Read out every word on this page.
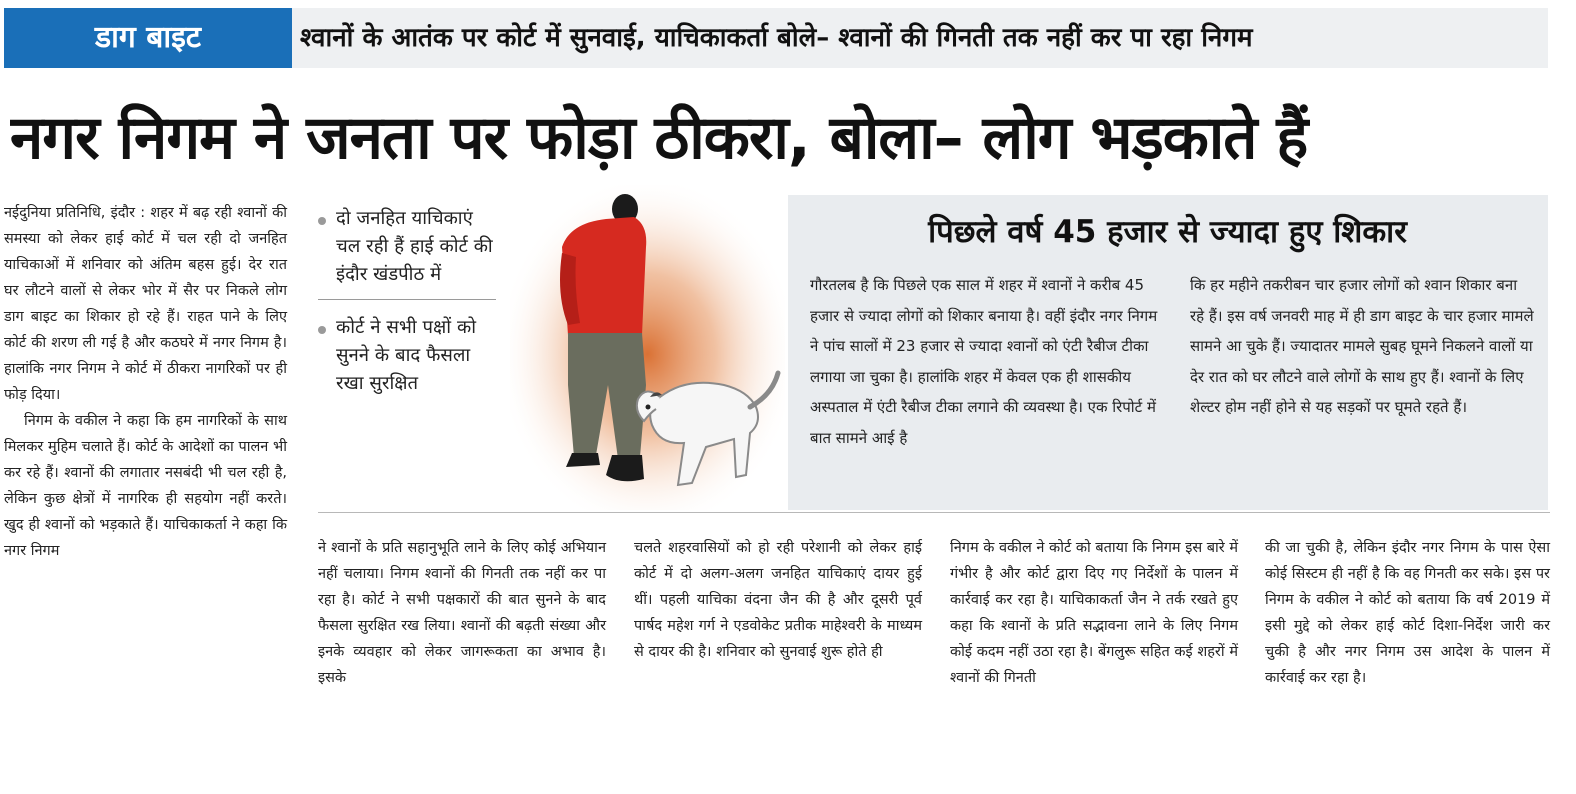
डाग बाइट	श्वानों के आतंक पर कोर्ट में सुनवाई, याचिकाकर्ता बोले– श्वानों की गिनती तक नहीं कर पा रहा निगम
नगर निगम ने जनता पर फोड़ा ठीकरा, बोला– लोग भड़काते हैं

नईदुनिया प्रतिनिधि, इंदौर : शहर में बढ़ रही श्वानों की समस्या को लेकर हाई कोर्ट में चल रही दो जनहित याचिकाओं में शनिवार को अंतिम बहस हुई। देर रात घर लौटने वालों से लेकर भोर में सैर पर निकले लोग डाग बाइट का शिकार हो रहे हैं। राहत पाने के लिए कोर्ट की शरण ली गई है और कठघरे में नगर निगम है। हालांकि नगर निगम ने कोर्ट में ठीकरा नागरिकों पर ही फोड़ दिया।

निगम के वकील ने कहा कि हम नागरिकों के साथ मिलकर मुहिम चलाते हैं। कोर्ट के आदेशों का पालन भी कर रहे हैं। श्वानों की लगातार नसबंदी भी चल रही है, लेकिन कुछ क्षेत्रों में नागरिक ही सहयोग नहीं करते। खुद ही श्वानों को भड़काते हैं। याचिकाकर्ता ने कहा कि नगर निगम

दो जनहित याचिकाएं चल रही हैं हाई कोर्ट की इंदौर खंडपीठ में
कोर्ट ने सभी पक्षों को सुनने के बाद फैसला रखा सुरक्षित
पिछले वर्ष 45 हजार से ज्यादा हुए शिकार
गौरतलब है कि पिछले एक साल में शहर में श्वानों ने करीब 45 हजार से ज्यादा लोगों को शिकार बनाया है। वहीं इंदौर नगर निगम ने पांच सालों में 23 हजार से ज्यादा श्वानों को एंटी रैबीज टीका लगाया जा चुका है। हालांकि शहर में केवल एक ही शासकीय अस्पताल में एंटी रैबीज टीका लगाने की व्यवस्था है। एक रिपोर्ट में बात सामने आई है
कि हर महीने तकरीबन चार हजार लोगों को श्वान शिकार बना रहे हैं। इस वर्ष जनवरी माह में ही डाग बाइट के चार हजार मामले सामने आ चुके हैं। ज्यादातर मामले सुबह घूमने निकलने वालों या देर रात को घर लौटने वाले लोगों के साथ हुए हैं। श्वानों के लिए शेल्टर होम नहीं होने से यह सड़कों पर घूमते रहते हैं।
ने श्वानों के प्रति सहानुभूति लाने के लिए कोई अभियान नहीं चलाया। निगम श्वानों की गिनती तक नहीं कर पा रहा है। कोर्ट ने सभी पक्षकारों की बात सुनने के बाद फैसला सुरक्षित रख लिया। श्वानों की बढ़ती संख्या और इनके व्यवहार को लेकर जागरूकता का अभाव है। इसके
चलते शहरवासियों को हो रही परेशानी को लेकर हाई कोर्ट में दो अलग-अलग जनहित याचिकाएं दायर हुई थीं। पहली याचिका वंदना जैन की है और दूसरी पूर्व पार्षद महेश गर्ग ने एडवोकेट प्रतीक माहेश्वरी के माध्यम से दायर की है। शनिवार को सुनवाई शुरू होते ही
निगम के वकील ने कोर्ट को बताया कि निगम इस बारे में गंभीर है और कोर्ट द्वारा दिए गए निर्देशों के पालन में कार्रवाई कर रहा है। याचिकाकर्ता जैन ने तर्क रखते हुए कहा कि श्वानों के प्रति सद्भावना लाने के लिए निगम कोई कदम नहीं उठा रहा है। बेंगलुरू सहित कई शहरों में श्वानों की गिनती
की जा चुकी है, लेकिन इंदौर नगर निगम के पास ऐसा कोई सिस्टम ही नहीं है कि वह गिनती कर सके। इस पर निगम के वकील ने कोर्ट को बताया कि वर्ष 2019 में इसी मुद्दे को लेकर हाई कोर्ट दिशा-निर्देश जारी कर चुकी है और नगर निगम उस आदेश के पालन में कार्रवाई कर रहा है।
